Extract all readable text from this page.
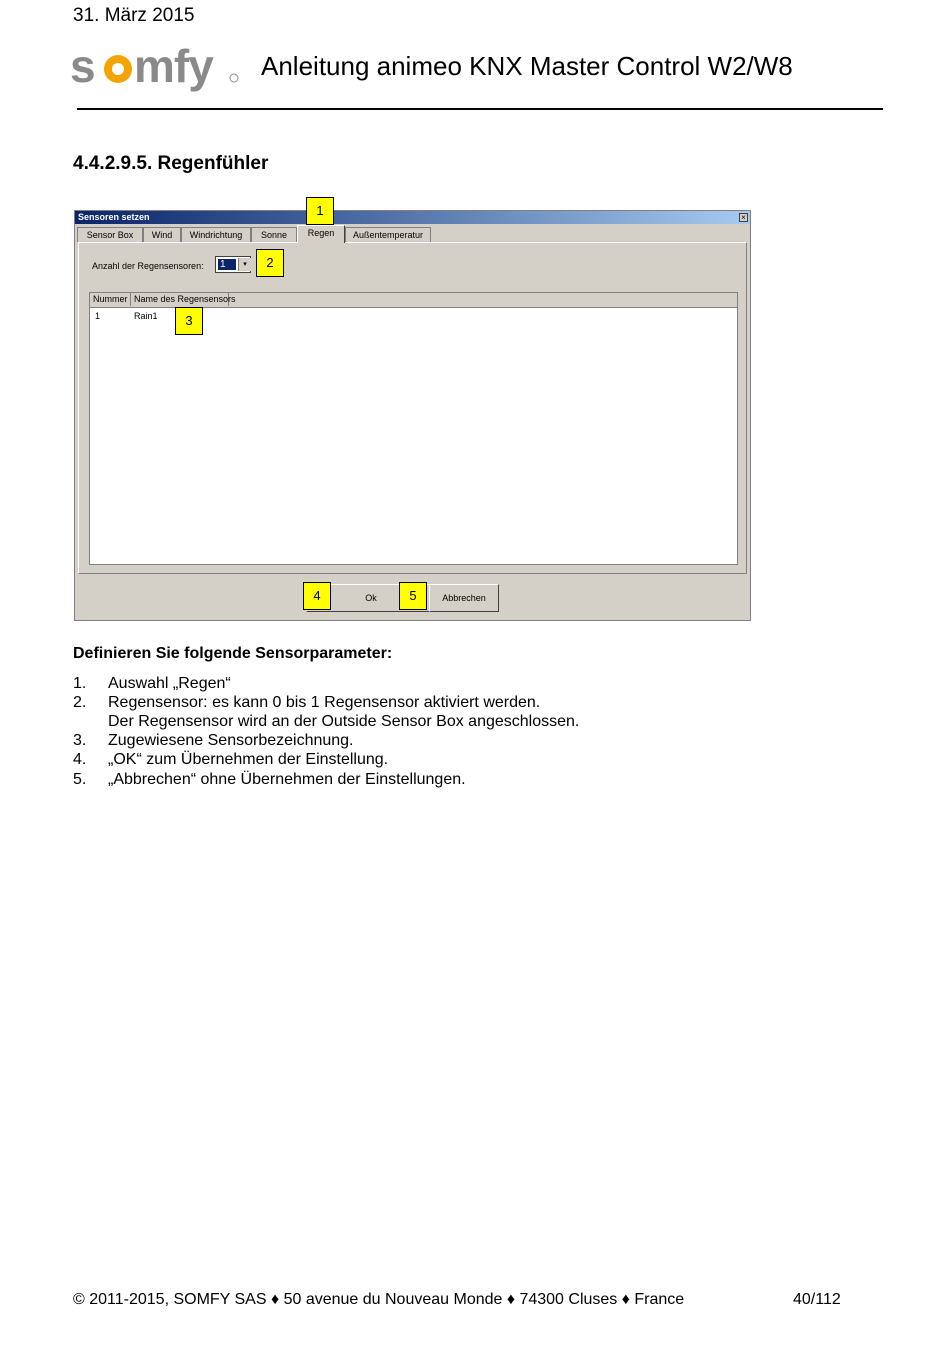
31. März 2015
s mfy Anleitung animeo KNX Master Control W2/W8
4.4.2.9.5. Regenfühler
Sensoren setzen	×
Sensor Box	Wind	Windrichtung	Sonne	Regen	Außentemperatur
Anzahl der Regensensoren: 1	▾
Nummer Name des Regensensors
1	Rain1
Ok	Abbrechen
1
2
3
4	5
Definieren Sie folgende Sensorparameter:
1. Auswahl „Regen“
2. Regensensor: es kann 0 bis 1 Regensensor aktiviert werden.
Der Regensensor wird an der Outside Sensor Box angeschlossen.
3. Zugewiesene Sensorbezeichnung.
4. „OK“ zum Übernehmen der Einstellung.
5. „Abbrechen“ ohne Übernehmen der Einstellungen.
© 2011-2015, SOMFY SAS ♦ 50 avenue du Nouveau Monde ♦ 74300 Cluses ♦ France	40/112
